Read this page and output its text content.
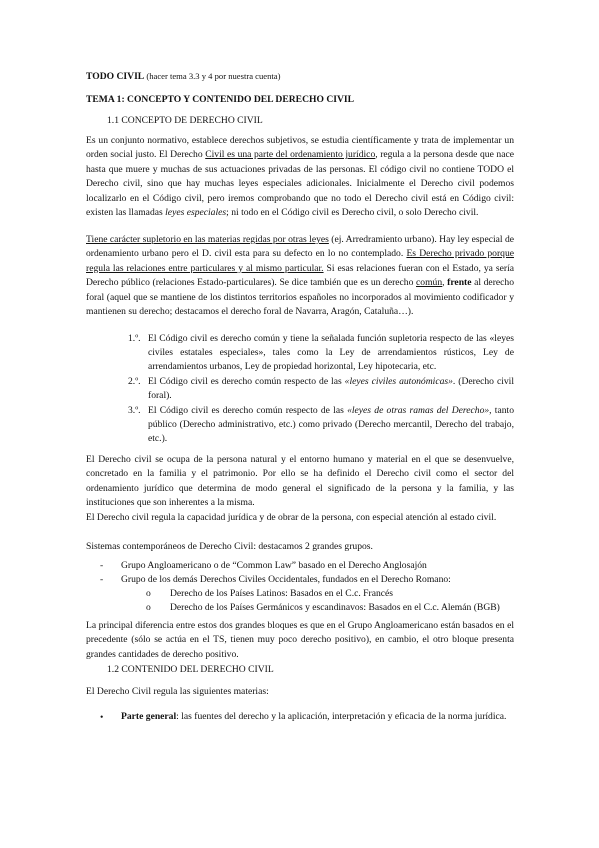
TODO CIVIL (hacer tema 3.3 y 4 por nuestra cuenta)

TEMA 1: CONCEPTO Y CONTENIDO DEL DERECHO CIVIL

1.1 CONCEPTO DE DERECHO CIVIL

Es un conjunto normativo, establece derechos subjetivos, se estudia científicamente y trata de implementar un orden social justo. El Derecho Civil es una parte del ordenamiento jurídico, regula a la persona desde que nace hasta que muere y muchas de sus actuaciones privadas de las personas. El código civil no contiene TODO el Derecho civil, sino que hay muchas leyes especiales adicionales. Inicialmente el Derecho civil podemos localizarlo en el Código civil, pero iremos comprobando que no todo el Derecho civil está en Código civil: existen las llamadas leyes especiales; ni todo en el Código civil es Derecho civil, o solo Derecho civil.

Tiene carácter supletorio en las materias regidas por otras leyes (ej. Arredramiento urbano). Hay ley especial de ordenamiento urbano pero el D. civil esta para su defecto en lo no contemplado. Es Derecho privado porque regula las relaciones entre particulares y al mismo particular. Si esas relaciones fueran con el Estado, ya sería Derecho público (relaciones Estado-particulares). Se dice también que es un derecho común, frente al derecho foral (aquel que se mantiene de los distintos territorios españoles no incorporados al movimiento codificador y mantienen su derecho; destacamos el derecho foral de Navarra, Aragón, Cataluña…).

1.º. El Código civil es derecho común y tiene la señalada función supletoria respecto de las «leyes civiles estatales especiales», tales como la Ley de arrendamientos rústicos, Ley de arrendamientos urbanos, Ley de propiedad horizontal, Ley hipotecaria, etc.
2.º. El Código civil es derecho común respecto de las «leyes civiles autonómicas». (Derecho civil foral).
3.º. El Código civil es derecho común respecto de las «leyes de otras ramas del Derecho», tanto público (Derecho administrativo, etc.) como privado (Derecho mercantil, Derecho del trabajo, etc.).

El Derecho civil se ocupa de la persona natural y el entorno humano y material en el que se desenvuelve, concretado en la familia y el patrimonio. Por ello se ha definido el Derecho civil como el sector del ordenamiento jurídico que determina de modo general el significado de la persona y la familia, y las instituciones que son inherentes a la misma.

El Derecho civil regula la capacidad jurídica y de obrar de la persona, con especial atención al estado civil.

Sistemas contemporáneos de Derecho Civil: destacamos 2 grandes grupos.

- Grupo Angloamericano o de “Common Law” basado en el Derecho Anglosajón
- Grupo de los demás Derechos Civiles Occidentales, fundados en el Derecho Romano:
o Derecho de los Países Latinos: Basados en el C.c. Francés
o Derecho de los Países Germánicos y escandinavos: Basados en el C.c. Alemán (BGB)

La principal diferencia entre estos dos grandes bloques es que en el Grupo Angloamericano están basados en el precedente (sólo se actúa en el TS, tienen muy poco derecho positivo), en cambio, el otro bloque presenta grandes cantidades de derecho positivo.

1.2 CONTENIDO DEL DERECHO CIVIL

El Derecho Civil regula las siguientes materias:

• Parte general: las fuentes del derecho y la aplicación, interpretación y eficacia de la norma jurídica.
